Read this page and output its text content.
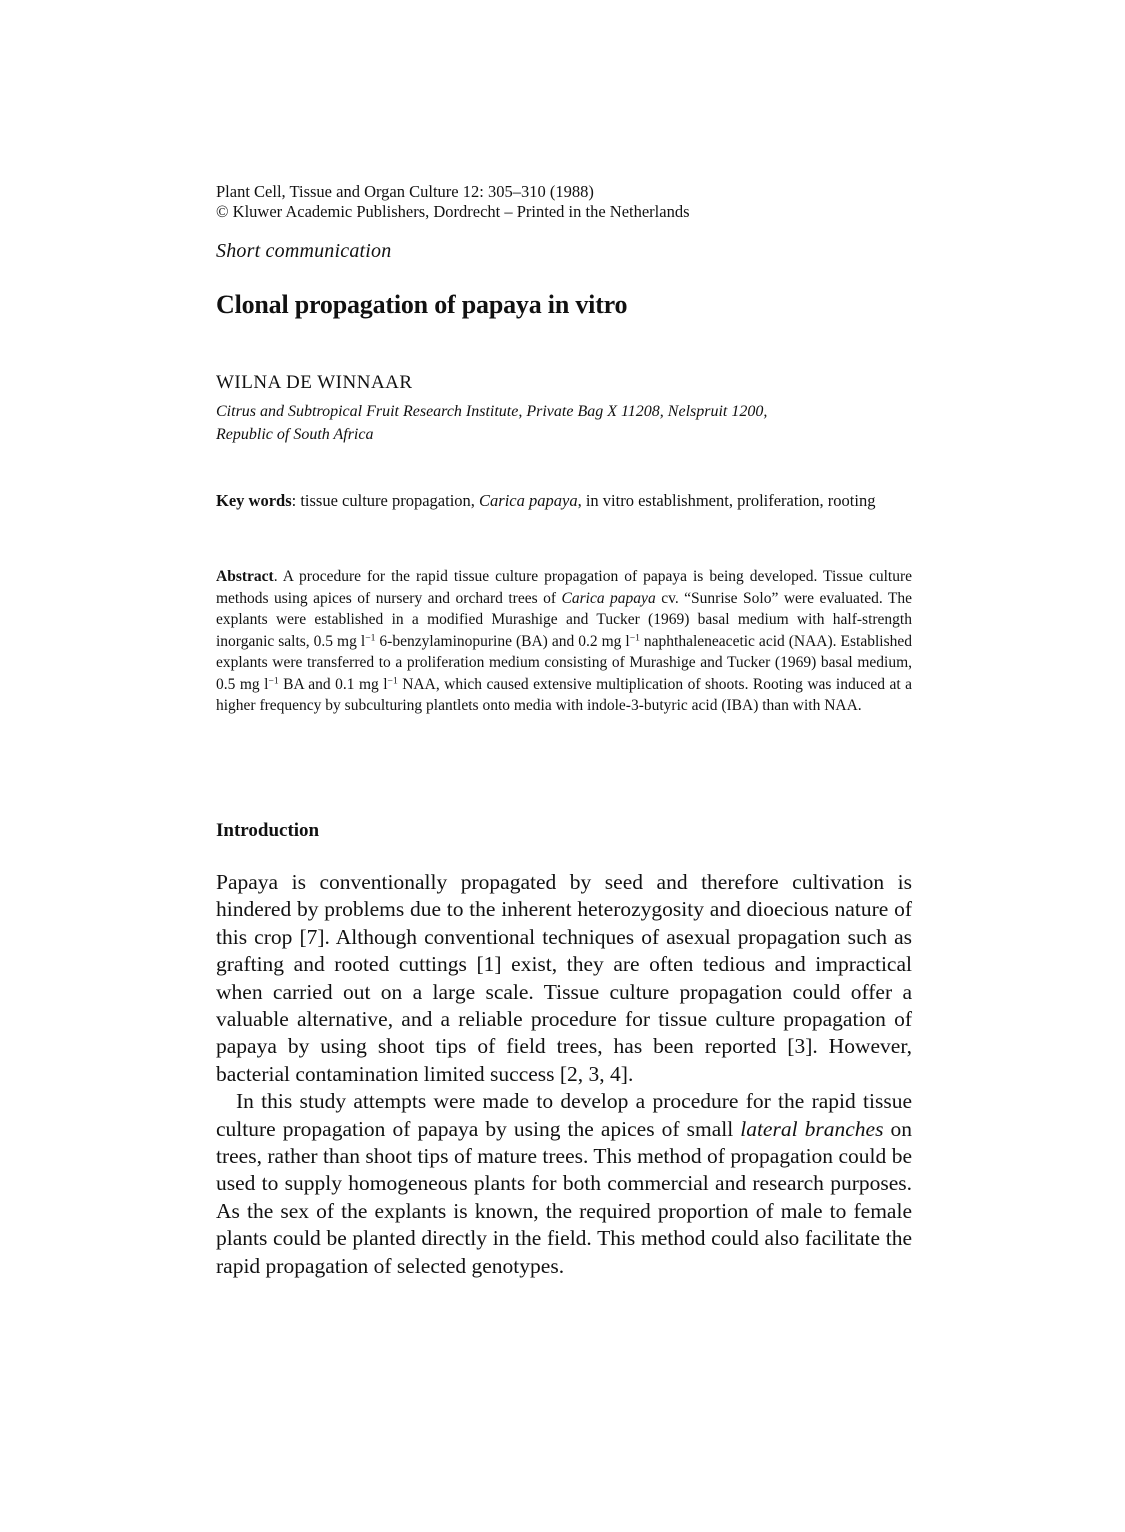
Plant Cell, Tissue and Organ Culture 12: 305–310 (1988)
© Kluwer Academic Publishers, Dordrecht – Printed in the Netherlands
Short communication
Clonal propagation of papaya in vitro
WILNA DE WINNAAR
Citrus and Subtropical Fruit Research Institute, Private Bag X 11208, Nelspruit 1200,
Republic of South Africa
Key words: tissue culture propagation, Carica papaya, in vitro establishment, proliferation, rooting

Abstract. A procedure for the rapid tissue culture propagation of papaya is being developed. Tissue culture methods using apices of nursery and orchard trees of Carica papaya cv. “Sunrise Solo” were evaluated. The explants were established in a modified Murashige and Tucker (1969) basal medium with half-strength inorganic salts, 0.5 mg $l^{-1}$ 6-benzylaminopurine (BA) and 0.2 mg $l^{-1}$ naphthaleneacetic acid (NAA). Established explants were transferred to a proliferation medium consisting of Murashige and Tucker (1969) basal medium, 0.5 mg $l^{-1}$ BA and 0.1 mg $l^{-1}$ NAA, which caused extensive multiplication of shoots. Rooting was induced at a higher frequency by subculturing plantlets onto media with indole-3-butyric acid (IBA) than with NAA.

Introduction

Papaya is conventionally propagated by seed and therefore cultivation is hindered by problems due to the inherent heterozygosity and dioecious nature of this crop [7]. Although conventional techniques of asexual propagation such as grafting and rooted cuttings [1] exist, they are often tedious and impractical when carried out on a large scale. Tissue culture propagation could offer a valuable alternative, and a reliable procedure for tissue culture propagation of papaya by using shoot tips of field trees, has been reported [3]. However, bacterial contamination limited success [2, 3, 4].

In this study attempts were made to develop a procedure for the rapid tissue culture propagation of papaya by using the apices of small lateral branches on trees, rather than shoot tips of mature trees. This method of propagation could be used to supply homogeneous plants for both commercial and research purposes. As the sex of the explants is known, the required proportion of male to female plants could be planted directly in the field. This method could also facilitate the rapid propagation of selected genotypes.
